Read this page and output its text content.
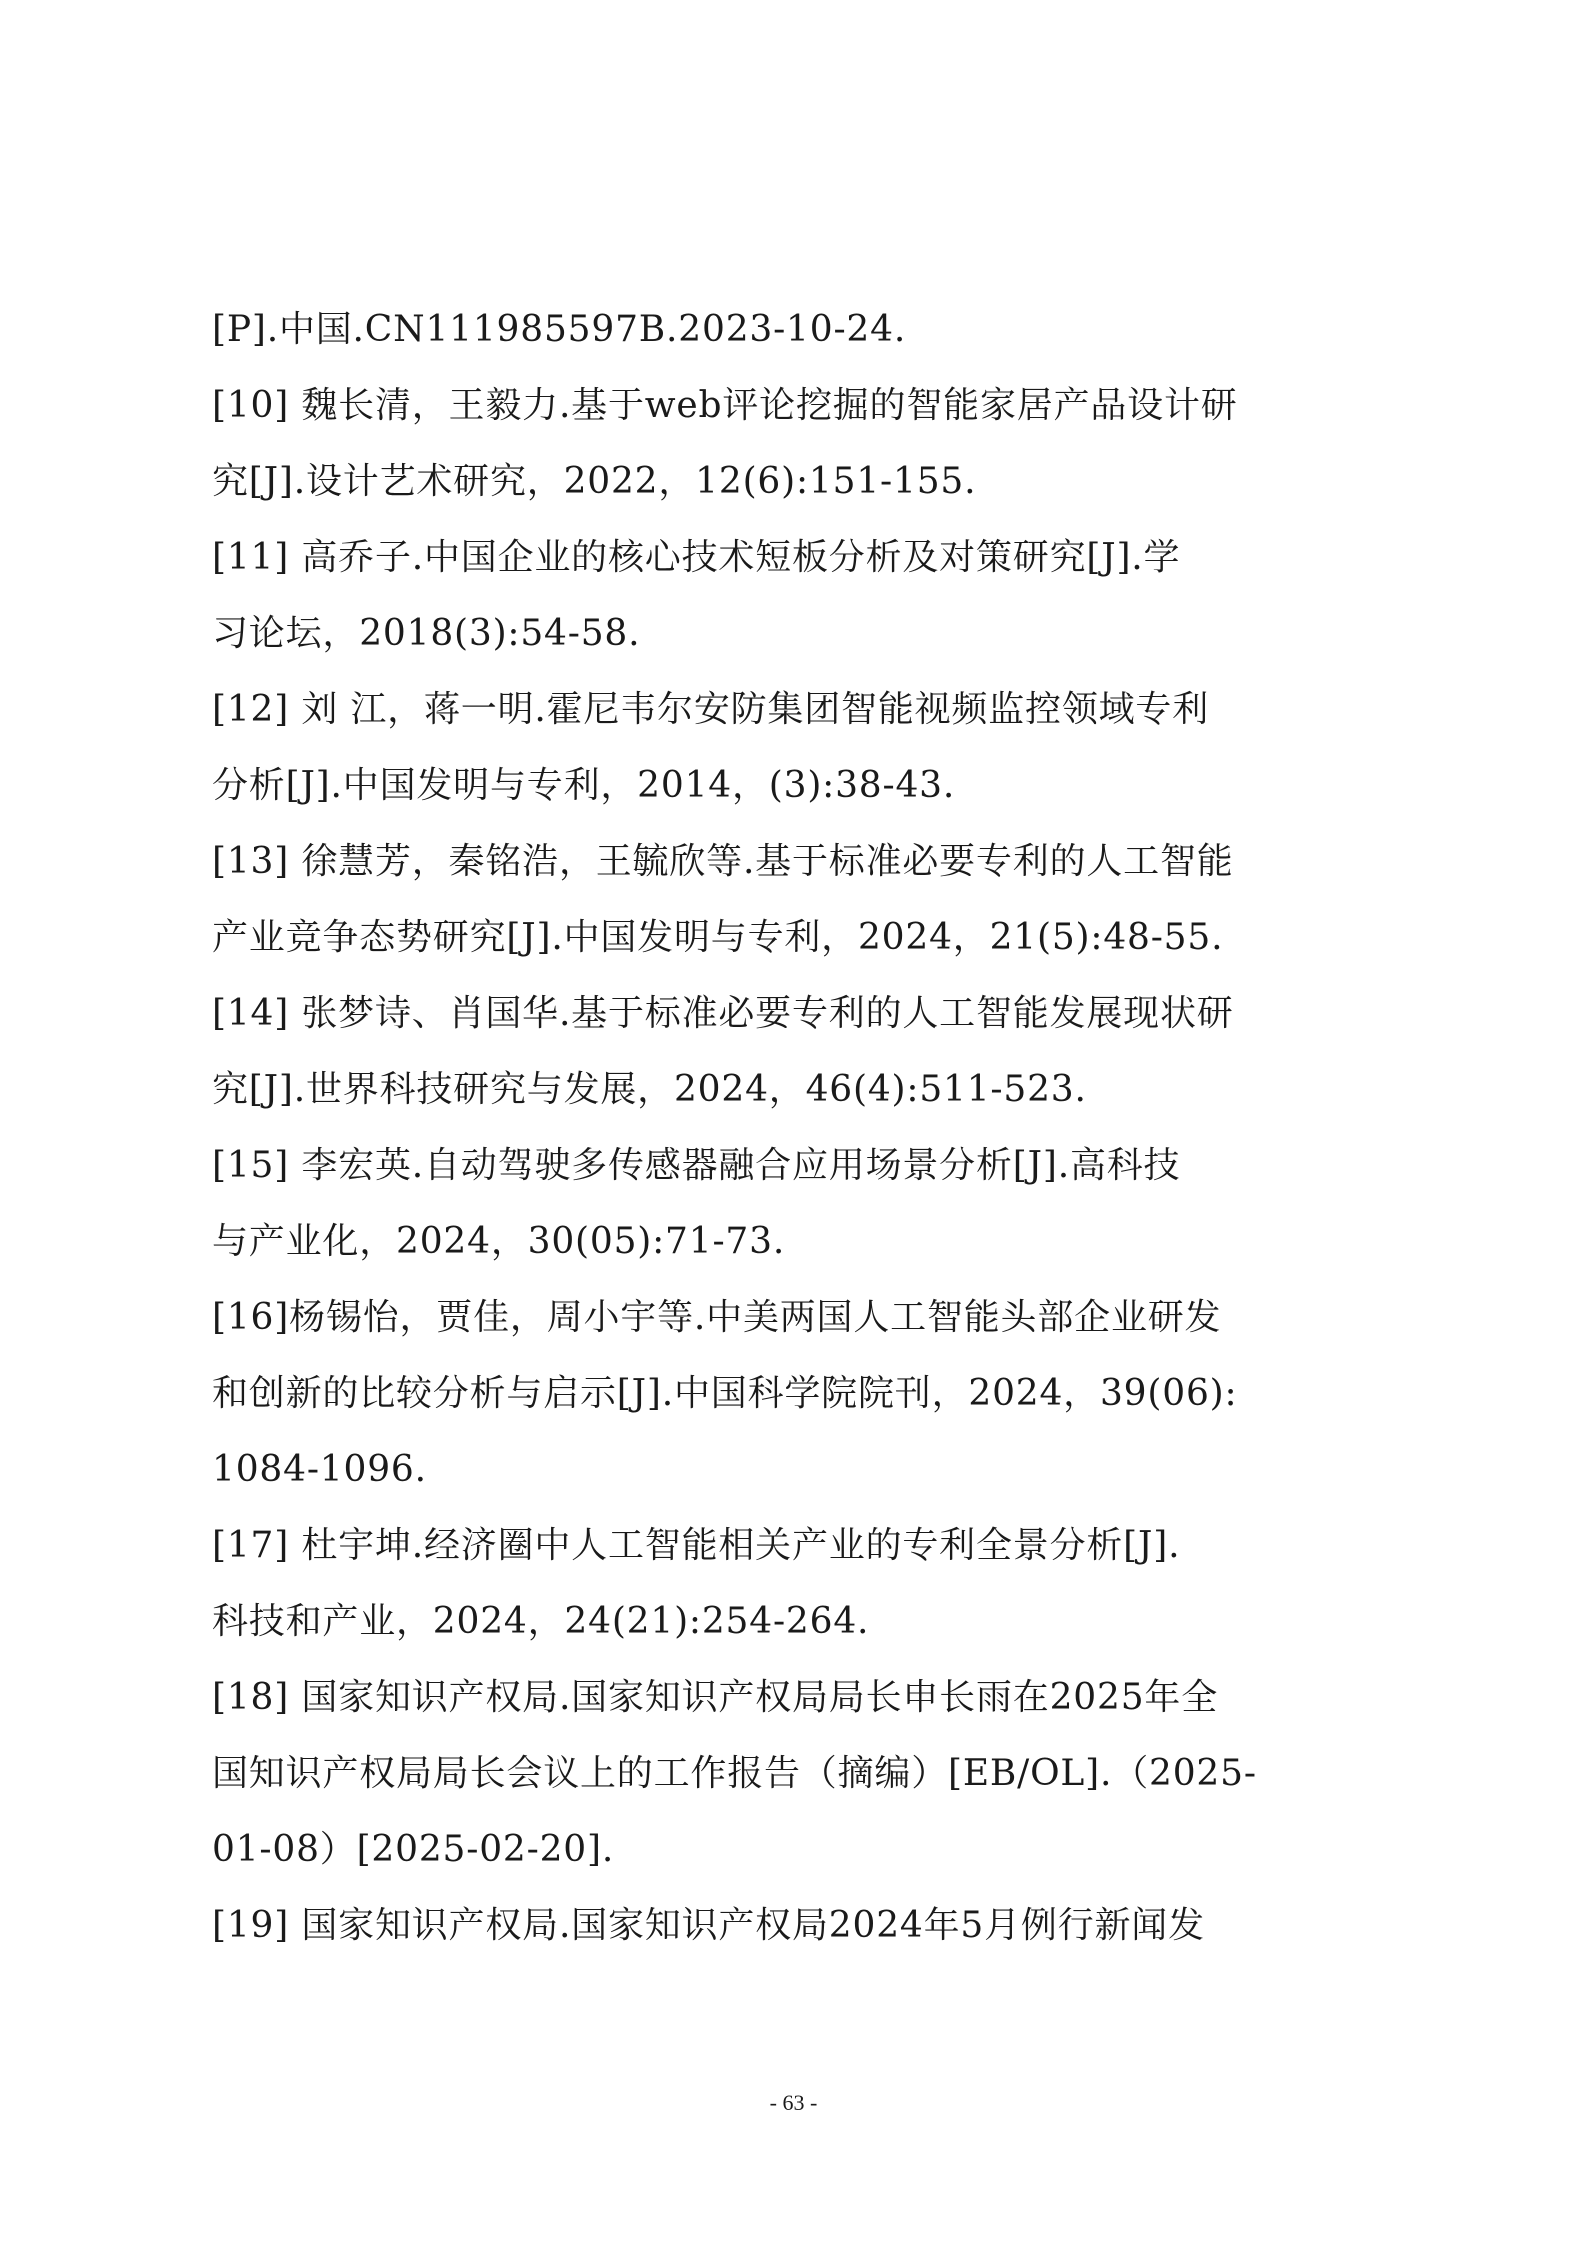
[P].中国.CN111985597B.2023-10-24.
[10] 魏长清，王毅力.基于web评论挖掘的智能家居产品设计研
究[J].设计艺术研究，2022，12(6):151-155.
[11] 高乔子.中国企业的核心技术短板分析及对策研究[J].学
习论坛，2018(3):54-58.
[12] 刘 江，蒋一明.霍尼韦尔安防集团智能视频监控领域专利
分析[J].中国发明与专利，2014，(3):38-43.
[13] 徐慧芳，秦铭浩，王毓欣等.基于标准必要专利的人工智能
产业竞争态势研究[J].中国发明与专利，2024，21(5):48-55.
[14] 张梦诗、肖国华.基于标准必要专利的人工智能发展现状研
究[J].世界科技研究与发展，2024，46(4):511-523.
[15] 李宏英.自动驾驶多传感器融合应用场景分析[J].高科技
与产业化，2024，30(05):71-73.
[16]杨锡怡，贾佳，周小宇等.中美两国人工智能头部企业研发
和创新的比较分析与启示[J].中国科学院院刊，2024，39(06):
1084-1096.
[17] 杜宇坤.经济圈中人工智能相关产业的专利全景分析[J].
科技和产业，2024，24(21):254-264.
[18] 国家知识产权局.国家知识产权局局长申长雨在2025年全
国知识产权局局长会议上的工作报告（摘编）[EB/OL].（2025-
01-08）[2025-02-20].
[19] 国家知识产权局.国家知识产权局2024年5月例行新闻发
- 63 -
